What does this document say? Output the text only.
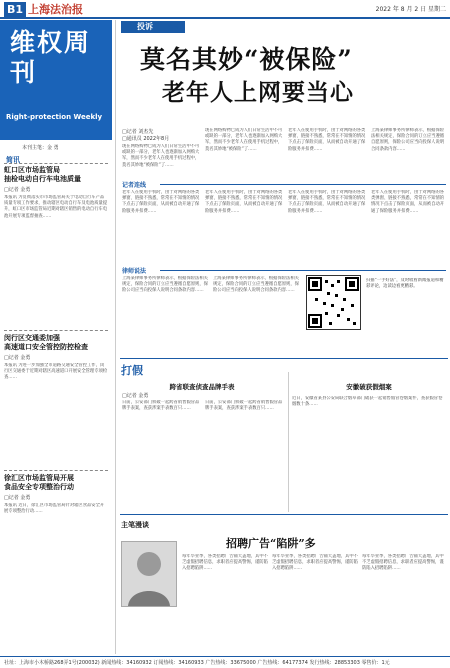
B1 上海法治报	2022 年 8 月 2 日 星期二
维权周刊
Right-protection Weekly
本刊主笔：金 勇
简讯
虹口区市场监管局
抽检电动自行车电池质量
□记者 金勇
本报讯 为贯彻落实市市场监管局关于电动自行车产品质量专项工作要求，推动辖区电动自行车及电池质量提升，虹口区市场监管局近期对辖区销售的电动自行车电池开展专项监督抽查……
闵行区交通委加强
高速道口安全管控防控检查
□记者 金勇
本报讯 为进一步加强全市道路交通安全管控工作，闵行区交通委于近期对辖区高速道口开展安全管理专项检查……
徐汇区市场监管局开展
食品安全专项整治行动
□记者 金勇
本报讯 近日，徐汇区市场监管局针对辖区食品安全开展专项整治行动……
投诉	实录
莫名其妙“被保险”
老年人上网要当心
□记者 刘杰先
□通讯员 2022年8月
现在网络购物已成为人们日常生活中不可或缺的一部分，老年人也逐渐加入网购大军，然而不少老年人在使用手机过程中，莫名其妙地“被保险”了……
现在网络购物已成为人们日常生活中不可或缺的一部分，老年人也逐渐加入网购大军，然而不少老年人在使用手机过程中，莫名其妙地“被保险”了……
老年人在使用手机时，由于对网络的各类弹窗、链接不熟悉，常常在不知情的情况下点击了保险页面，从而被自动开通了保险服务并扣费……
上海某律师事务所律师表示，根据保险法相关规定，保险合同的订立应当遵循自愿原则，保险公司应当向投保人说明合同条款内容……
记者连线
老年人在使用手机时，由于对网络的各类弹窗、链接不熟悉，常常在不知情的情况下点击了保险页面，从而被自动开通了保险服务并扣费……
老年人在使用手机时，由于对网络的各类弹窗、链接不熟悉，常常在不知情的情况下点击了保险页面，从而被自动开通了保险服务并扣费……
老年人在使用手机时，由于对网络的各类弹窗、链接不熟悉，常常在不知情的情况下点击了保险页面，从而被自动开通了保险服务并扣费……
老年人在使用手机时，由于对网络的各类弹窗、链接不熟悉，常常在不知情的情况下点击了保险页面，从而被自动开通了保险服务并扣费……
律师说法
上海某律师事务所律师表示，根据保险法相关规定，保险合同的订立应当遵循自愿原则，保险公司应当向投保人说明合同条款内容……
上海某律师事务所律师表示，根据保险法相关规定，保险合同的订立应当遵循自愿原则，保险公司应当向投保人说明合同条款内容……
扫描“一手好法”，及时收看新闻报道和精彩评论，边读边看更精彩。
打假
跨省联查侦查品牌手表
□记者 金勇
日前，公安部门侦破一起跨省销售假冒品牌手表案，查获涉案手表数百只……
日前，公安部门侦破一起跨省销售假冒品牌手表案，查获涉案手表数百只……
安徽破获假烟案
近日，安徽省某县公安局联合烟草部门破获一起销售假冒卷烟案件，查获假冒卷烟数十条……
主笔漫谈
招聘广告“陷阱”多
每年毕业季，各类招聘广告铺天盖地，其中不乏虚假招聘信息，求职者应提高警惕，谨防陷入招聘陷阱……
每年毕业季，各类招聘广告铺天盖地，其中不乏虚假招聘信息，求职者应提高警惕，谨防陷入招聘陷阱……
每年毕业季，各类招聘广告铺天盖地，其中不乏虚假招聘信息，求职者应提高警惕，谨防陷入招聘陷阱……
社址：上海市小木桥路268弄1号(200032) 新闻热线：34160932 订阅热线：34160933 广告热线：33675000 广告热线：64177374 发行热线：28853303 零售价：1元
